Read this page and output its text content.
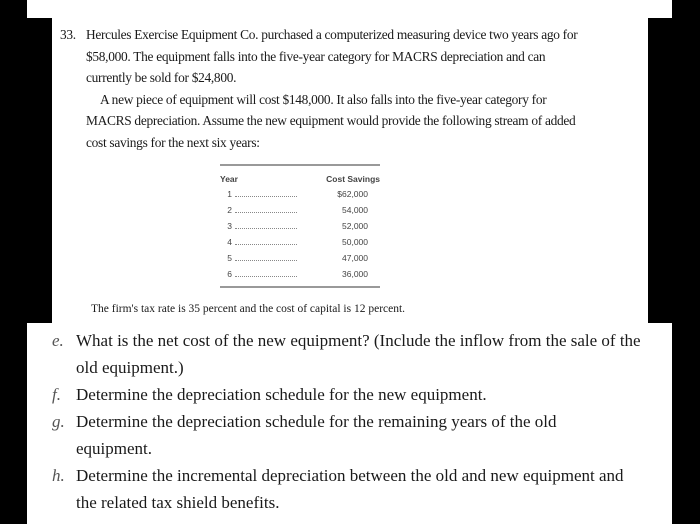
33. Hercules Exercise Equipment Co. purchased a computerized measuring device two years ago for $58,000. The equipment falls into the five-year category for MACRS depreciation and can currently be sold for $24,800.

A new piece of equipment will cost $148,000. It also falls into the five-year category for MACRS depreciation. Assume the new equipment would provide the following stream of added cost savings for the next six years:

Year	Cost Savings
1	$62,000
2	54,000
3	52,000
4	50,000
5	47,000
6	36,000
The firm's tax rate is 35 percent and the cost of capital is 12 percent.
e. What is the net cost of the new equipment? (Include the inflow from the sale of the old equipment.)
f. Determine the depreciation schedule for the new equipment.
g. Determine the depreciation schedule for the remaining years of the old equipment.
h. Determine the incremental depreciation between the old and new equipment and the related tax shield benefits.
